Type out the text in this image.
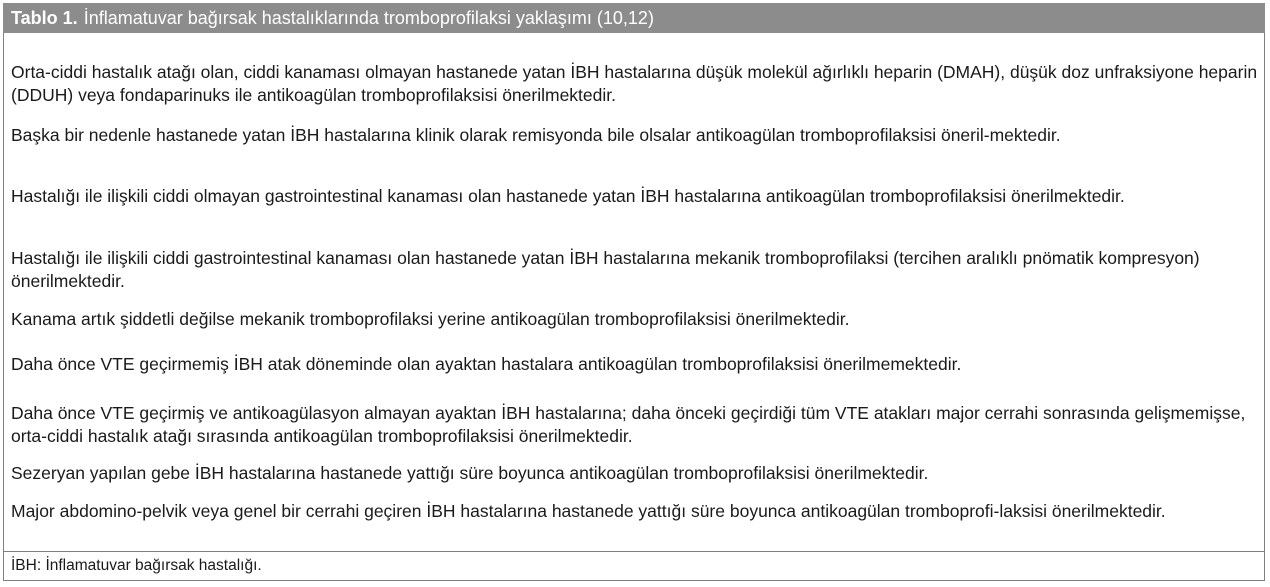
Tablo 1. İnflamatuvar bağırsak hastalıklarında tromboprofilaksi yaklaşımı (10,12)

Orta-ciddi hastalık atağı olan, ciddi kanaması olmayan hastanede yatan İBH hastalarına düşük molekül ağırlıklı heparin (DMAH), düşük doz unfraksiyone heparin (DDUH) veya fondaparinuks ile antikoagülan tromboprofilaksisi önerilmektedir.

Başka bir nedenle hastanede yatan İBH hastalarına klinik olarak remisyonda bile olsalar antikoagülan tromboprofilaksisi öneril-mektedir.

Hastalığı ile ilişkili ciddi olmayan gastrointestinal kanaması olan hastanede yatan İBH hastalarına antikoagülan tromboprofilaksisi önerilmektedir.

Hastalığı ile ilişkili ciddi gastrointestinal kanaması olan hastanede yatan İBH hastalarına mekanik tromboprofilaksi (tercihen aralıklı pnömatik kompresyon) önerilmektedir.

Kanama artık şiddetli değilse mekanik tromboprofilaksi yerine antikoagülan tromboprofilaksisi önerilmektedir.

Daha önce VTE geçirmemiş İBH atak döneminde olan ayaktan hastalara antikoagülan tromboprofilaksisi önerilmemektedir.

Daha önce VTE geçirmiş ve antikoagülasyon almayan ayaktan İBH hastalarına; daha önceki geçirdiği tüm VTE atakları major cerrahi sonrasında gelişmemişse, orta-ciddi hastalık atağı sırasında antikoagülan tromboprofilaksisi önerilmektedir.

Sezeryan yapılan gebe İBH hastalarına hastanede yattığı süre boyunca antikoagülan tromboprofilaksisi önerilmektedir.

Major abdomino-pelvik veya genel bir cerrahi geçiren İBH hastalarına hastanede yattığı süre boyunca antikoagülan tromboprofi-laksisi önerilmektedir.

İBH: İnflamatuvar bağırsak hastalığı.
